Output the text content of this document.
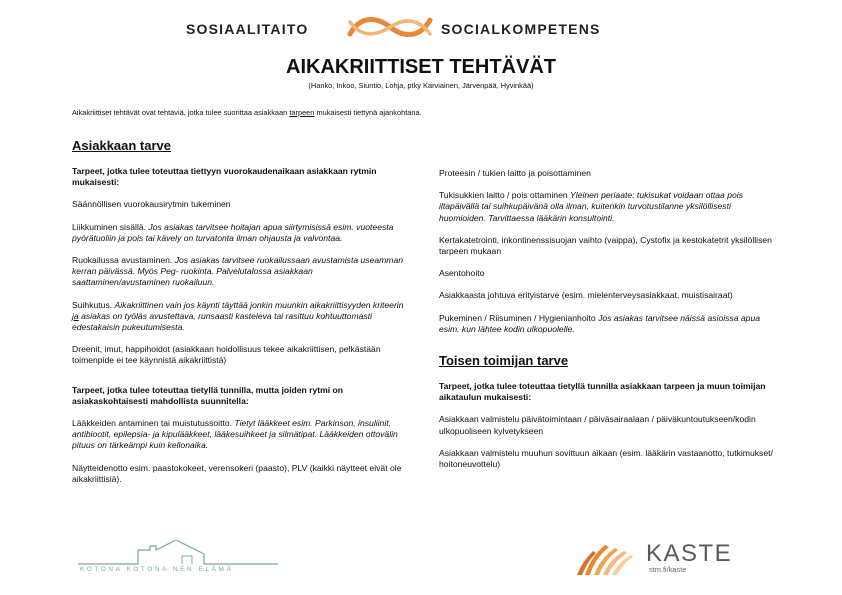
SOSIAALITAITO	SOCIALKOMPETENS
AIKAKRIITTISET TEHTÄVÄT
(Hanko, Inkoo, Siuntio, Lohja, ptky Karviainen, Järvenpää, Hyvinkää)
Aikakriittiset tehtävät ovat tehtäviä, jotka tulee suorittaa asiakkaan tarpeen mukaisesti tiettynä ajankohtana.
Asiakkaan tarve
Tarpeet, jotka tulee toteuttaa tiettyyn vuorokaudenaikaan asiakkaan rytmin mukaisesti:
Säännöllisen vuorokausirytmin tukeminen
Liikkuminen sisällä. Jos asiakas tarvitsee hoitajan apua siirtymisissä esim. vuoteesta pyörätuoliin ja pois tai kävely on turvatonta ilman ohjausta ja valvontaa.
Ruokailussa avustaminen. Jos asiakas tarvitsee ruokailussaan avustamista useamman kerran päivässä. Myös Peg- ruokinta. Palvelutalossa asiakkaan saattaminen/avustaminen ruokailuun.
Suihkutus. Aikakriittinen vain jos käynti täyttää jonkin muunkin aikakriittisyyden kriteerin ja asiakas on työläs avustettava, runsaasti kasteleva tai rasittuu kohtuuttomasti edestakaisin pukeutumisesta.
Dreenit, imut, happihoidot (asiakkaan hoidollisuus tekee aikakriittisen, pelkästään toimenpide ei tee käynnistä aikakriittistä)
Tarpeet, jotka tulee toteuttaa tietyllä tunnilla, mutta joiden rytmi on asiakaskohtaisesti mahdollista suunnitella:
Lääkkeiden antaminen tai muistutussoitto. Tietyt lääkkeet esim. Parkinson, insuliinit, antibiootit, epilepsia- ja kipulääkkeet, lääkesuihkeet ja silmätipat. Lääkkeiden ottovälin pituus on tärkeämpi kuin kellonaika.
Näytteidenotto esim. paastokokeet, verensokeri (paasto), PLV (kaikki näytteet eivät ole aikakriittisiä).
Proteesin / tukien laitto ja poisottaminen
Tukisukkien laitto / pois ottaminen Yleinen periaate: tukisukat voidaan ottaa pois iltapäivällä tai suihkupäivänä olla ilman, kuitenkin turvotustilanne yksilöllisesti huomioiden. Tarvittaessa lääkärin konsultointi.
Kertakatetrointi, inkontinenssisuojan vaihto (vaippa), Cystofix ja kestokatetrit yksilöllisen tarpeen mukaan
Asentohoito
Asiakkaasta johtuva erityistarve (esim. mielenterveysasiakkaat, muistisairaat)
Pukeminen / Riisuminen / Hygienianhoito Jos asiakas tarvitsee näissä asioissa apua esim. kun lähtee kodin ulkopuolelle.
Toisen toimijan tarve
Tarpeet, jotka tulee toteuttaa tietyllä tunnilla asiakkaan tarpeen ja muun toimijan aikataulun mukaisesti:
Asiakkaan valmistelu päivätoimintaan / päiväsairaalaan / päiväkuntoutukseen/kodin ulkopuoliseen kylvetykseen
Asiakkaan valmistelu muuhun sovittuun aikaan (esim. lääkärin vastaanotto, tutkimukset/ hoitoneuvottelu)
KOTONA KOTONA NEN ELÄMÄ
KASTE
stm.fi/kaste
